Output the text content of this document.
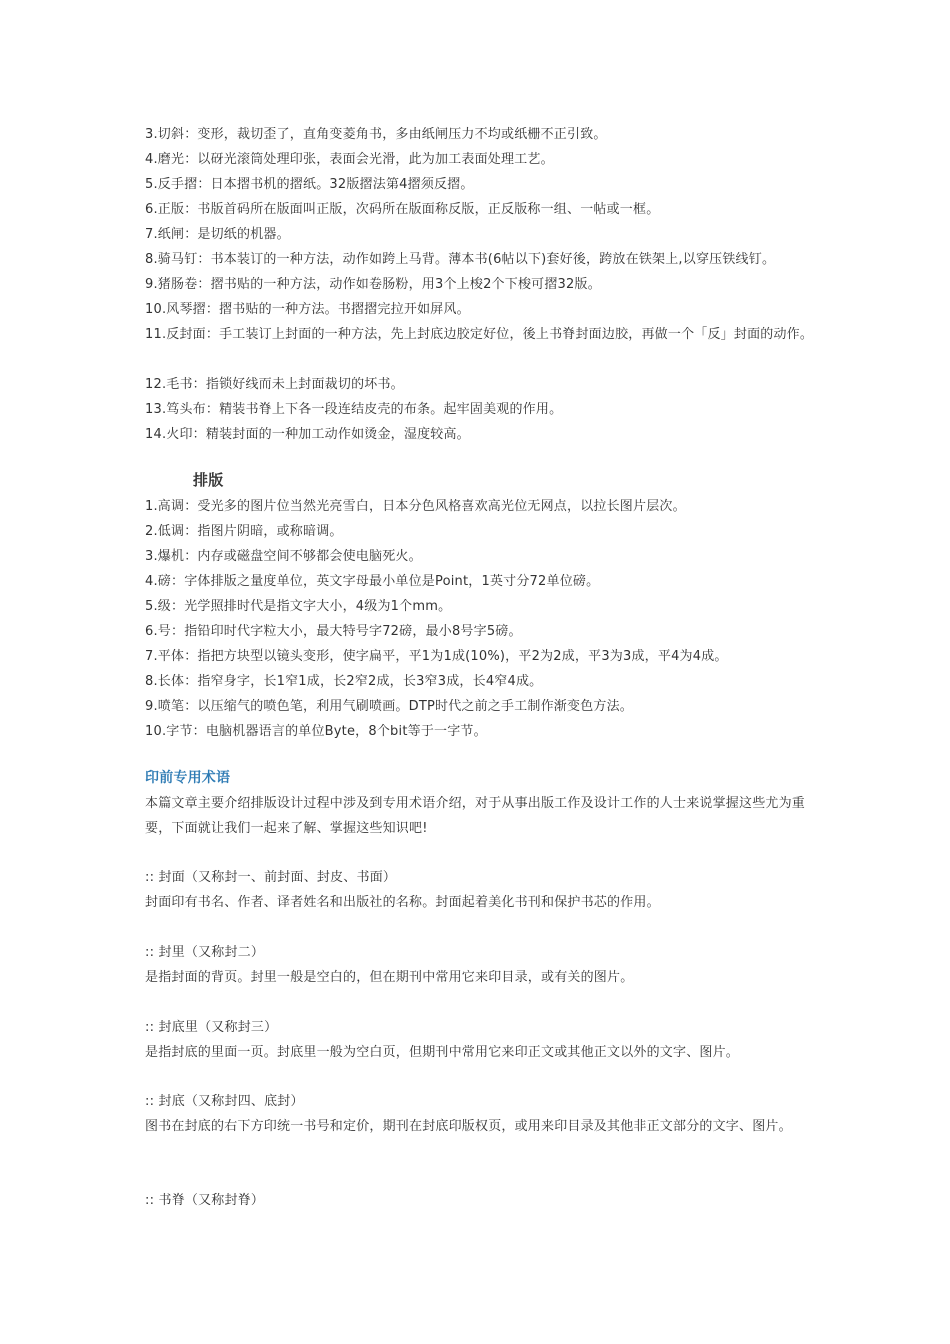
3.切斜：变形，裁切歪了，直角变菱角书，多由纸闸压力不均或纸栅不正引致。
4.磨光：以砑光滚筒处理印张，表面会光滑，此为加工表面处理工艺。
5.反手摺：日本摺书机的摺纸。32版摺法第4摺须反摺。
6.正版：书版首码所在版面叫正版，次码所在版面称反版，正反版称一组、一帖或一框。
7.纸闸：是切纸的机器。
8.骑马钉：书本装订的一种方法，动作如跨上马背。薄本书(6帖以下)套好後，跨放在铁架上,以穿压铁线钉。
9.猪肠卷：摺书贴的一种方法，动作如卷肠粉，用3个上梭2个下梭可摺32版。
10.风琴摺：摺书贴的一种方法。书摺摺完拉开如屏风。
11.反封面：手工装订上封面的一种方法，先上封底边胶定好位，後上书脊封面边胶，再做一个「反」封面的动作。
12.毛书：指锁好线而未上封面裁切的坏书。
13.笃头布：精装书脊上下各一段连结皮壳的布条。起牢固美观的作用。
14.火印：精装封面的一种加工动作如烫金，湿度较高。
排版
1.高调：受光多的图片位当然光亮雪白，日本分色风格喜欢高光位无网点，以拉长图片层次。
2.低调：指图片阴暗，或称暗调。
3.爆机：内存或磁盘空间不够都会使电脑死火。
4.磅：字体排版之量度单位，英文字母最小单位是Point，1英寸分72单位磅。
5.级：光学照排时代是指文字大小，4级为1个mm。
6.号：指铅印时代字粒大小，最大特号字72磅，最小8号字5磅。
7.平体：指把方块型以镜头变形，使字扁平，平1为1成(10%)，平2为2成，平3为3成，平4为4成。
8.长体：指窄身字，长1窄1成，长2窄2成，长3窄3成，长4窄4成。
9.喷笔：以压缩气的喷色笔，利用气刷喷画。DTP时代之前之手工制作渐变色方法。
10.字节：电脑机器语言的单位Byte，8个bit等于一字节。
印前专用术语
本篇文章主要介绍排版设计过程中涉及到专用术语介绍，对于从事出版工作及设计工作的人士来说掌握这些尤为重要，下面就让我们一起来了解、掌握这些知识吧!
:: 封面（又称封一、前封面、封皮、书面）
封面印有书名、作者、译者姓名和出版社的名称。封面起着美化书刊和保护书芯的作用。
:: 封里（又称封二）
是指封面的背页。封里一般是空白的，但在期刊中常用它来印目录，或有关的图片。
:: 封底里（又称封三）
是指封底的里面一页。封底里一般为空白页，但期刊中常用它来印正文或其他正文以外的文字、图片。
:: 封底（又称封四、底封）
图书在封底的右下方印统一书号和定价，期刊在封底印版权页，或用来印目录及其他非正文部分的文字、图片。
:: 书脊（又称封脊）
